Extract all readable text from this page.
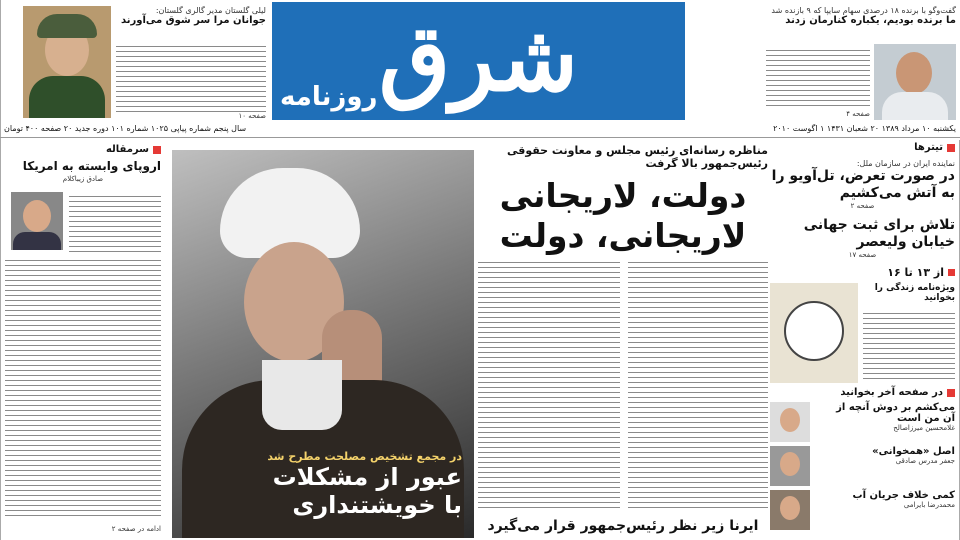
لیلی گلستان مدیر گالری گلستان:
جوانان مرا سر شوق می‌آورند
صفحه ۱۰
شرق
روزنامه
گفت‌وگو با برنده ۱۸ درصدی سهام سایپا که ۹ بازنده شد
ما برنده بودیم، یکباره کنارمان زدند
صفحه ۴
یکشنبه ۱۰ مرداد ۱۳۸۹ ۲۰ شعبان ۱۴۳۱ ۱ اگوست ۲۰۱۰
سال پنجم شماره پیاپی ۱۰۲۵ شماره ۱۰۱ دوره جدید ۲۰ صفحه ۴۰۰ تومان
تیترها
نماینده ایران در سازمان ملل:
در صورت تعرض، تل‌آویو را به آتش می‌کشیم
صفحه ۲
تلاش برای ثبت جهانی خیابان ولیعصر
صفحه ۱۷
از ۱۳ تا ۱۶
ویژه‌نامه زندگی را بخوانید
در صفحه آخر بخوانید
می‌کشم بر دوش آنچه از آن من است
غلامحسین میرزاصالح
اصل «همخوانی»
جعفر مدرس صادقی
کمی خلاف جریان آب
محمدرضا بایرامی
مناظره رسانه‌ای رئیس مجلس و معاونت حقوقی رئیس‌جمهور بالا گرفت
دولت، لاریجانی
لاریجانی، دولت
ایرنا زیر نظر رئیس‌جمهور قرار می‌گیرد
در مجمع تشخیص مصلحت مطرح شد
عبور از مشکلات
با خویشتنداری
سرمقاله
اروپای وابسته به امریکا
صادق زیباکلام
ادامه در صفحه ۲
